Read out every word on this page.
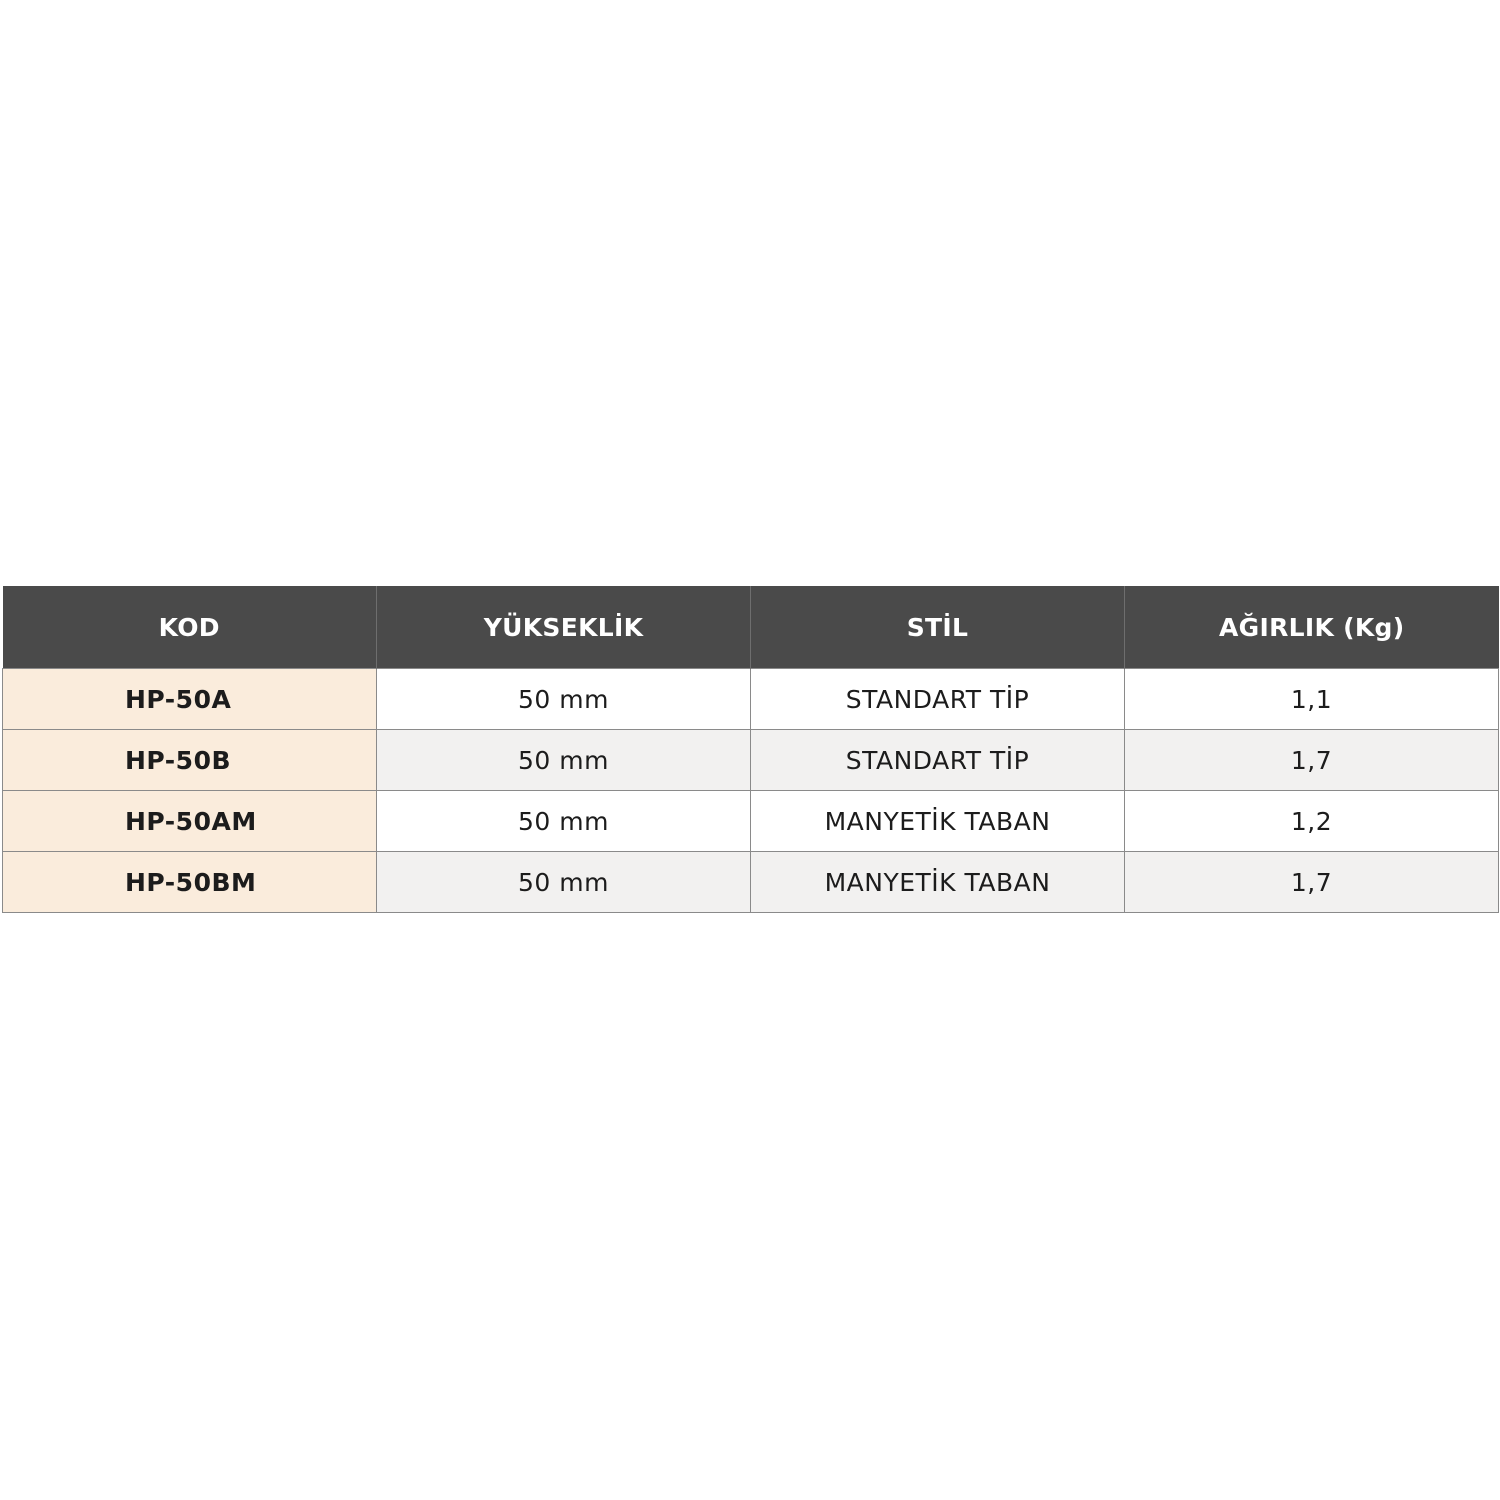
KOD	YÜKSEKLİK	STİL	AĞIRLIK (Kg)
HP-50A	50 mm	STANDART TİP	1,1
HP-50B	50 mm	STANDART TİP	1,7
HP-50AM	50 mm	MANYETİK TABAN	1,2
HP-50BM	50 mm	MANYETİK TABAN	1,7
